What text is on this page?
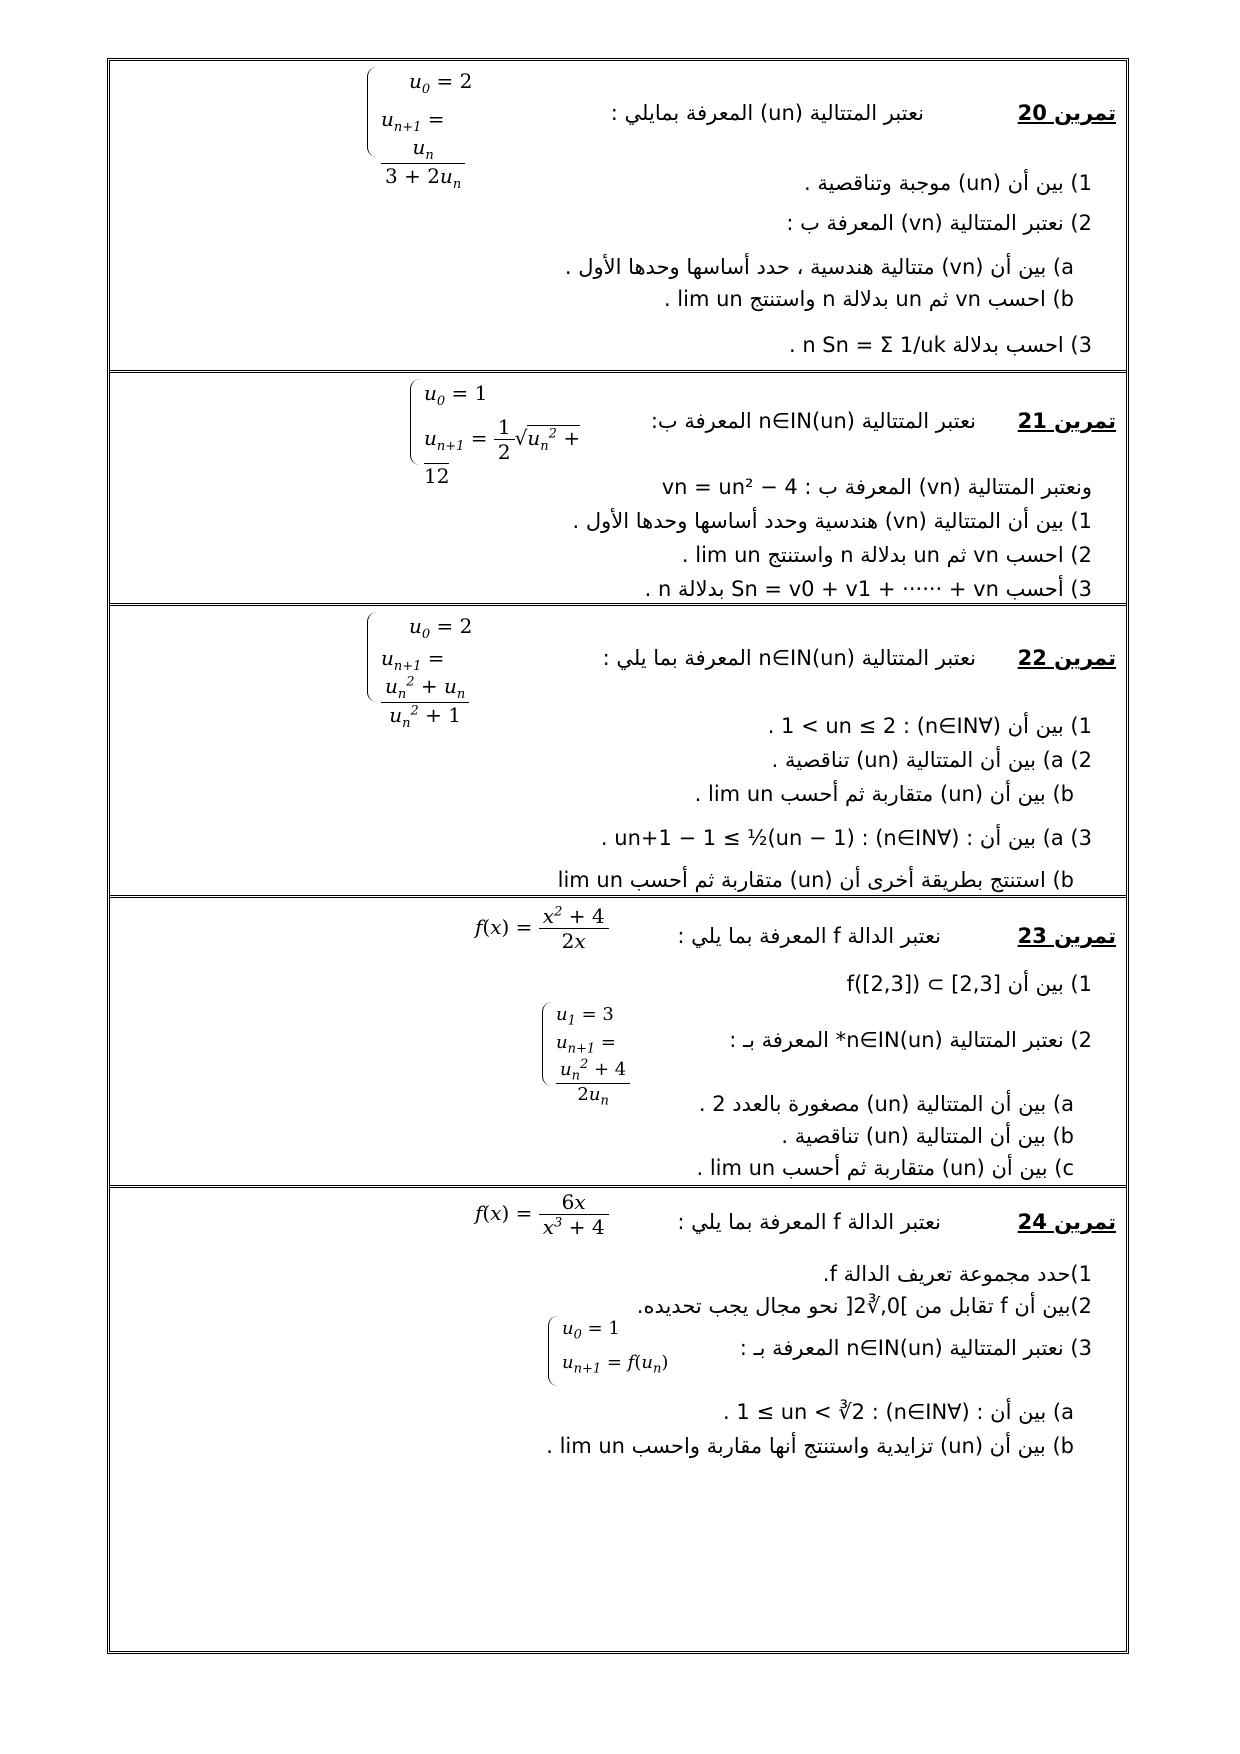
تمرين 20
نعتبر المتتالية (un) المعرفة بمايلي :
$u_0 = 2$
$u_{n+1}$ =
$\frac{u_n}{3 + 2u_n}$	1) بين أن (un) موجبة وتناقصية .
2) نعتبر المتتالية (vn) المعرفة ب :
a) بين أن (vn) متتالية هندسية ، حدد أساسها وحدها الأول .
b) احسب vn ثم un بدلالة n واستنتج lim un .
3) احسب بدلالة n Sn = Σ 1/uk .
تمرين 21
نعتبر المتتالية (un)n∈IN المعرفة ب:
$u_0 = 1$
$u_{n+1} = \frac{1}{2} √u_n^2 + 12$	ونعتبر المتتالية (vn) المعرفة ب : vn = un² − 4
1) بين أن المتتالية (vn) هندسية وحدد أساسها وحدها الأول .
2) احسب vn ثم un بدلالة n واستنتج lim un .
3) أحسب Sn = v0 + v1 + ······ + vn بدلالة n .
تمرين 22
نعتبر المتتالية (un)n∈IN المعرفة بما يلي :
$u_0 = 2$
$u_{n+1}$ =
$\frac{u_n^2 + u_n}{u_n^2 + 1}$	1) بين أن (∀n∈IN) : 1 < un ≤ 2 .
2) a) بين أن المتتالية (un) تناقصية .
b) بين أن (un) متقاربة ثم أحسب lim un .
3) a) بين أن : (∀n∈IN) : un+1 − 1 ≤ ½(un − 1) .
b) استنتج بطريقة أخرى أن (un) متقاربة ثم أحسب lim un
تمرين 23
نعتبر الدالة f المعرفة بما يلي :
$f(x) = \frac{x^2 + 4}{2x}$
1) بين أن f([2,3]) ⊂ [2,3]
2) نعتبر المتتالية (un)n∈IN* المعرفة بـ :
$u_1 = 3$
$u_{n+1}$ =
$\frac{u_n^2 + 4}{2u_n}$	a) بين أن المتتالية (un) مصغورة بالعدد 2 .
b) بين أن المتتالية (un) تناقصية .
c) بين أن (un) متقاربة ثم أحسب lim un .
تمرين 24
نعتبر الدالة f المعرفة بما يلي :
$f(x) = \frac{6x}{x^3 + 4}$
1)حدد مجموعة تعريف الدالة f.
2)بين أن f تقابل من ]0,∛2[ نحو مجال يجب تحديده.
3) نعتبر المتتالية (un)n∈IN المعرفة بـ :
$u_0 = 1$
$u_{n+1} = f(u_n)$
a) بين أن : (∀n∈IN) : 1 ≤ un < ∛2 .
b) بين أن (un) تزايدية واستنتج أنها مقاربة واحسب lim un .
